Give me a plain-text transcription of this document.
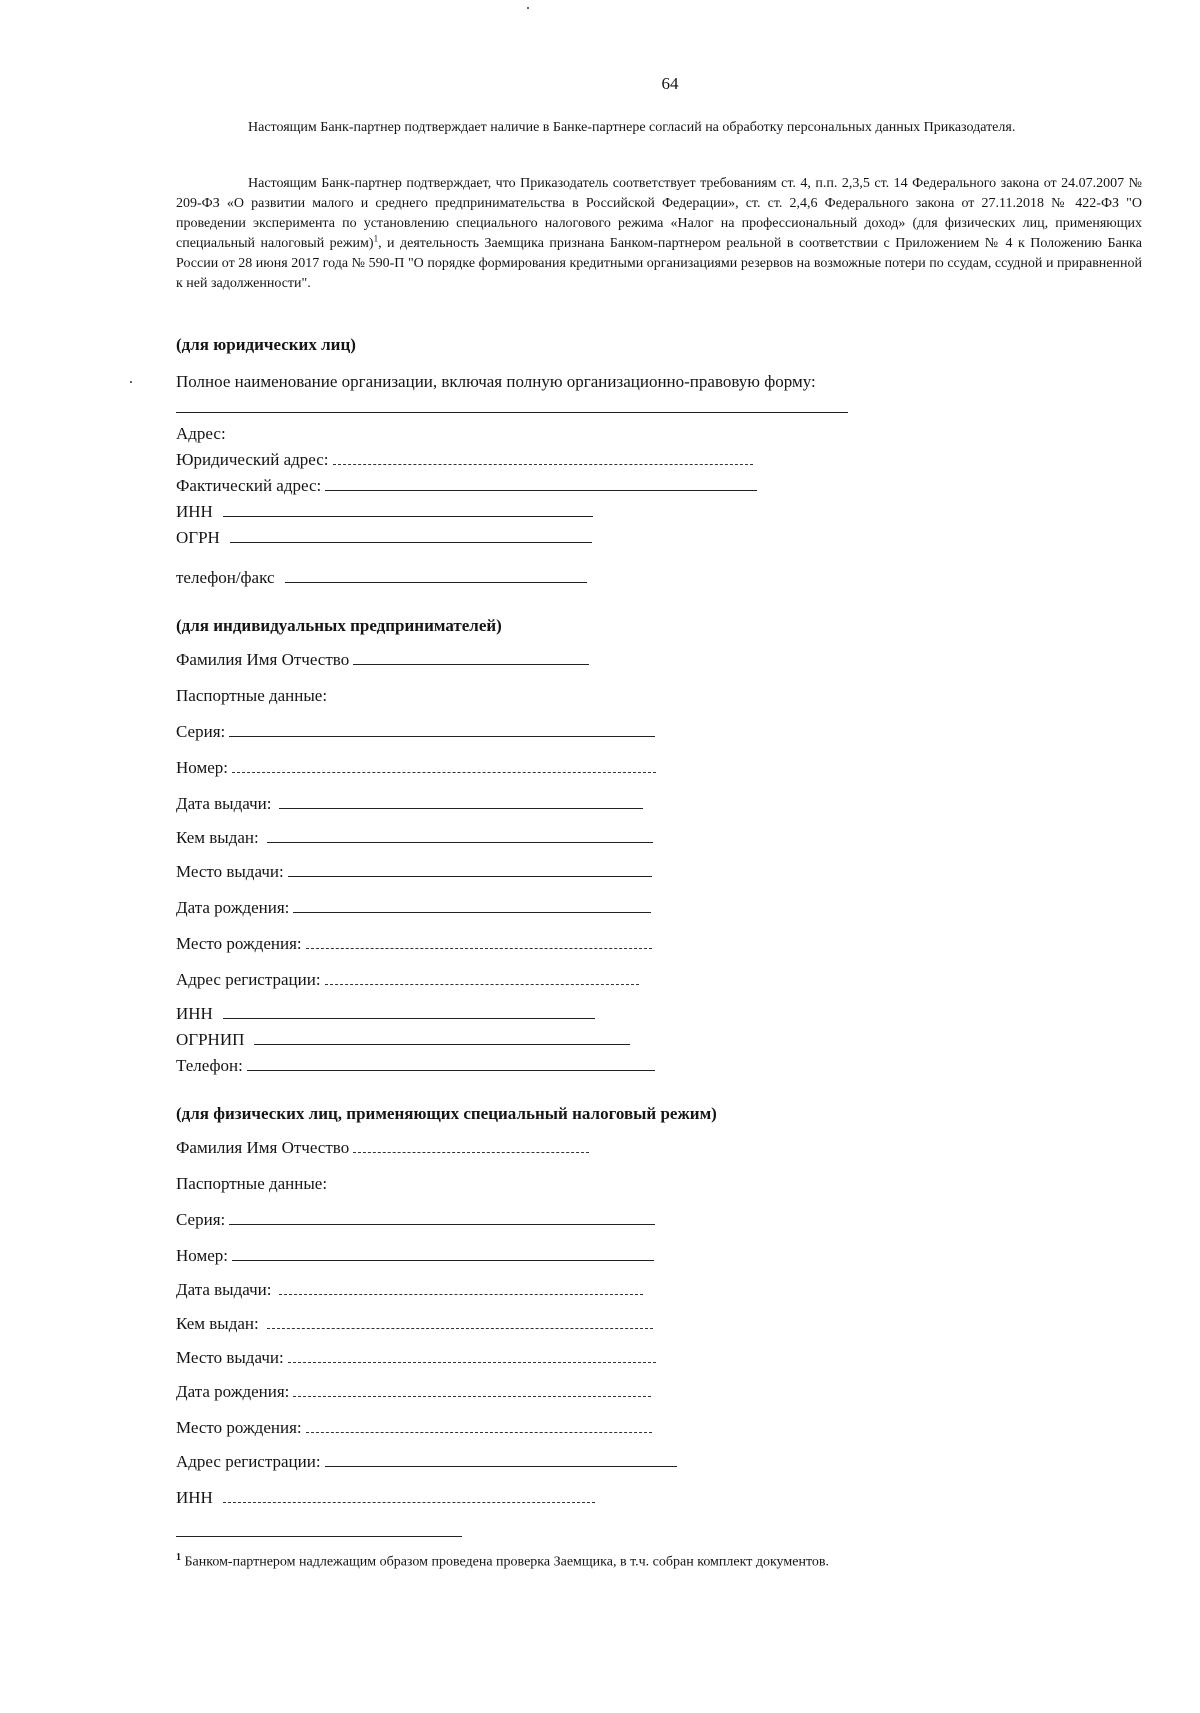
64

Настоящим Банк-партнер подтверждает наличие в Банке-партнере согласий на обработку персональных данных Приказодателя.

Настоящим Банк-партнер подтверждает, что Приказодатель соответствует требованиям ст. 4, п.п. 2,3,5 ст. 14 Федерального закона от 24.07.2007 № 209-ФЗ «О развитии малого и среднего предпринимательства в Российской Федерации», ст. ст. 2,4,6 Федерального закона от 27.11.2018 № 422-ФЗ "О проведении эксперимента по установлению специального налогового режима «Налог на профессиональный доход» (для физических лиц, применяющих специальный налоговый режим)$^1$, и деятельность Заемщика признана Банком-партнером реальной в соответствии с Приложением № 4 к Положению Банка России от 28 июня 2017 года № 590-П "О порядке формирования кредитными организациями резервов на возможные потери по ссудам, ссудной и приравненной к ней задолженности".

(для юридических лиц)
Полное наименование организации, включая полную организационно-правовую форму:
Адрес:
Юридический адрес:
Фактический адрес:
ИНН
ОГРН
телефон/факс
(для индивидуальных предпринимателей)
Фамилия Имя Отчество
Паспортные данные:
Серия:
Номер:
Дата выдачи:
Кем выдан:
Место выдачи:
Дата рождения:
Место рождения:
Адрес регистрации:
ИНН
ОГРНИП
Телефон:
(для физических лиц, применяющих специальный налоговый режим)
Фамилия Имя Отчество
Паспортные данные:
Серия:
Номер:
Дата выдачи:
Кем выдан:
Место выдачи:
Дата рождения:
Место рождения:
Адрес регистрации:
ИНН
$^1$ Банком-партнером надлежащим образом проведена проверка Заемщика, в т.ч. собран комплект документов.
